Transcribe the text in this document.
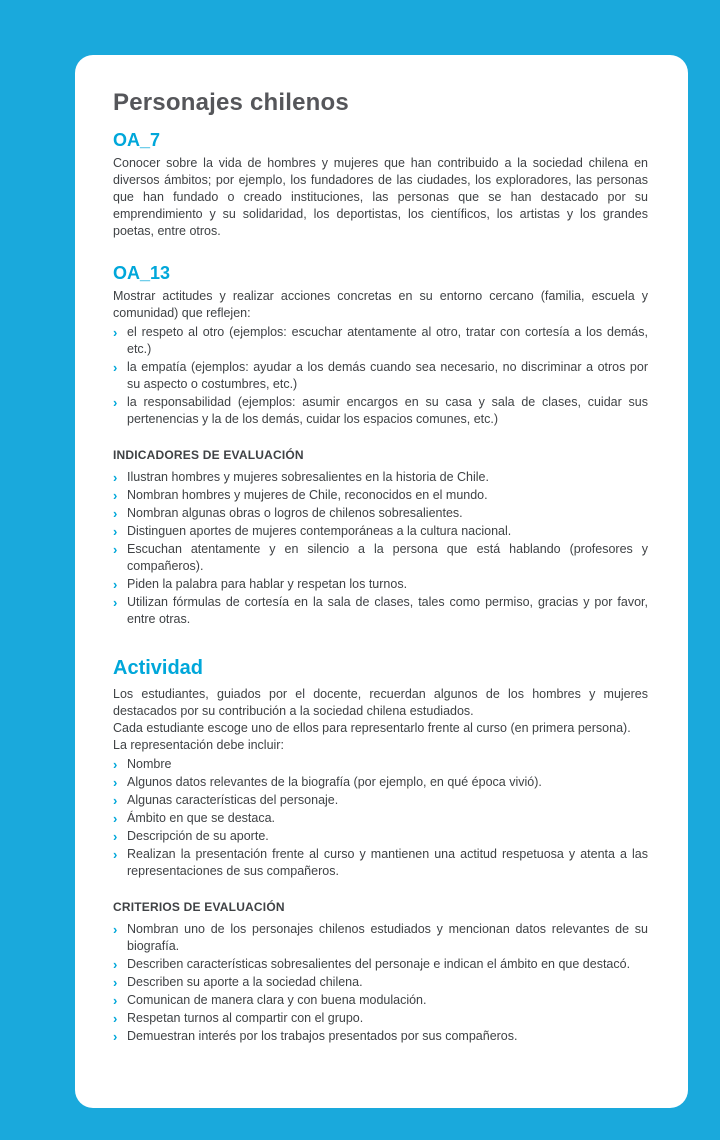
Personajes chilenos
OA_7

Conocer sobre la vida de hombres y mujeres que han contribuido a la sociedad chilena en diversos ámbitos; por ejemplo, los fundadores de las ciudades, los exploradores, las personas que han fundado o creado instituciones, las personas que se han destacado por su emprendimiento y su solidaridad, los deportistas, los científicos, los artistas y los grandes poetas, entre otros.

OA_13

Mostrar actitudes y realizar acciones concretas en su entorno cercano (familia, escuela y comunidad) que reflejen:

› el respeto al otro (ejemplos: escuchar atentamente al otro, tratar con cortesía a los demás, etc.)
› la empatía (ejemplos: ayudar a los demás cuando sea necesario, no discriminar a otros por su aspecto o costumbres, etc.)
› la responsabilidad (ejemplos: asumir encargos en su casa y sala de clases, cuidar sus pertenencias y la de los demás, cuidar los espacios comunes, etc.)
INDICADORES DE EVALUACIÓN
› Ilustran hombres y mujeres sobresalientes en la historia de Chile.
› Nombran hombres y mujeres de Chile, reconocidos en el mundo.
› Nombran algunas obras o logros de chilenos sobresalientes.
› Distinguen aportes de mujeres contemporáneas a la cultura nacional.
› Escuchan atentamente y en silencio a la persona que está hablando (profesores y compañeros).
› Piden la palabra para hablar y respetan los turnos.
› Utilizan fórmulas de cortesía en la sala de clases, tales como permiso, gracias y por favor, entre otras.
Actividad

Los estudiantes, guiados por el docente, recuerdan algunos de los hombres y mujeres destacados por su contribución a la sociedad chilena estudiados.

Cada estudiante escoge uno de ellos para representarlo frente al curso (en primera persona).

La representación debe incluir:

› Nombre
› Algunos datos relevantes de la biografía (por ejemplo, en qué época vivió).
› Algunas características del personaje.
› Ámbito en que se destaca.
› Descripción de su aporte.
› Realizan la presentación frente al curso y mantienen una actitud respetuosa y atenta a las representaciones de sus compañeros.
CRITERIOS DE EVALUACIÓN
› Nombran uno de los personajes chilenos estudiados y mencionan datos relevantes de su biografía.
› Describen características sobresalientes del personaje e indican el ámbito en que destacó.
› Describen su aporte a la sociedad chilena.
› Comunican de manera clara y con buena modulación.
› Respetan turnos al compartir con el grupo.
› Demuestran interés por los trabajos presentados por sus compañeros.
